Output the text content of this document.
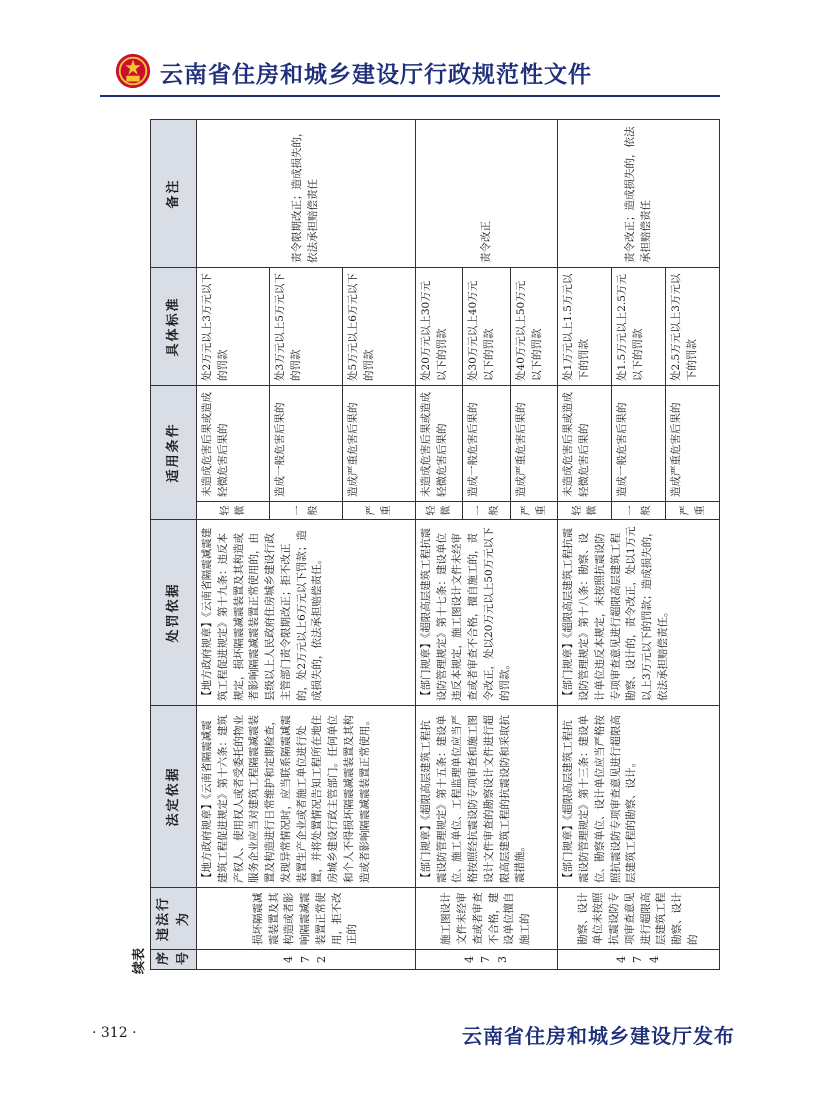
云南省住房和城乡建设厅行政规范性文件
续表 序号	违法行为	法定依据	处罚依据	适用条件		具体标准	备注
472	损坏隔震减震装置及其构造或者影响隔震减震装置正常使用，拒不改正的	【地方政府规章】《云南省隔震减震建筑工程促进规定》第十六条：建筑产权人、使用权人或者受委托的物业服务企业应当对建筑工程隔震减震装置及构造进行日常维护和定期检查，发现异常情况时，应当联系隔震减震装置生产企业或者施工单位进行处置，并将处置情况告知工程所在地住房城乡建设行政主管部门。任何单位和个人不得损坏隔震减震装置及其构造或者影响隔震减震装置正常使用。	【地方政府规章】《云南省隔震减震建筑工程促进规定》第十九条：违反本规定，损坏隔震减震装置及其构造或者影响隔震减震装置正常使用的，由县级以上人民政府住房城乡建设行政主管部门责令限期改正；拒不改正的，处2万元以上6万元以下罚款；造成损失的，依法承担赔偿责任。	轻微	未造成危害后果或造成轻微危害后果的	处2万元以上3万元以下的罚款	责令限期改正；造成损失的，依法承担赔偿责任
				一般	造成一般危害后果的	处3万元以上5万元以下的罚款	
				严重	造成严重危害后果的	处5万元以上6万元以下的罚款	
473	施工图设计文件未经审查或者审查不合格，建设单位擅自施工的	【部门规章】《超限高层建筑工程抗震设防管理规定》第十五条：建设单位、施工单位、工程监理单位应当严格按照经抗震设防专项审查和施工图设计文件审查的勘察设计文件进行超限高层建筑工程的抗震设防和采取抗震措施。	【部门规章】《超限高层建筑工程抗震设防管理规定》第十七条：建设单位违反本规定，施工图设计文件未经审查或者审查不合格，擅自施工的，责令改正，处以20万元以上50万元以下的罚款。	轻微	未造成危害后果或造成轻微危害后果的	处20万元以上30万元以下的罚款	责令改正
				一般	造成一般危害后果的	处30万元以上40万元以下的罚款	
				严重	造成严重危害后果的	处40万元以上50万元以下的罚款	
474	勘察、设计单位未按照抗震设防专项审查意见进行超限高层建筑工程勘察、设计的	【部门规章】《超限高层建筑工程抗震设防管理规定》第十三条：建设单位、勘察单位、设计单位应当严格按照抗震设防专项审查意见进行超限高层建筑工程的勘察、设计。	【部门规章】《超限高层建筑工程抗震设防管理规定》第十八条：勘察、设计单位违反本规定，未按照抗震设防专项审查意见进行超限高层建筑工程勘察、设计的，责令改正，处以1万元以上3万元以下的罚款；造成损失的，依法承担赔偿责任。	轻微	未造成危害后果或造成轻微危害后果的	处1万元以上1.5万元以下的罚款	责令改正；造成损失的，依法承担赔偿责任
				一般	造成一般危害后果的	处1.5万元以上2.5万元以下的罚款	
				严重	造成严重危害后果的	处2.5万元以上3万元以下的罚款	
· 312 ·	云南省住房和城乡建设厅发布
